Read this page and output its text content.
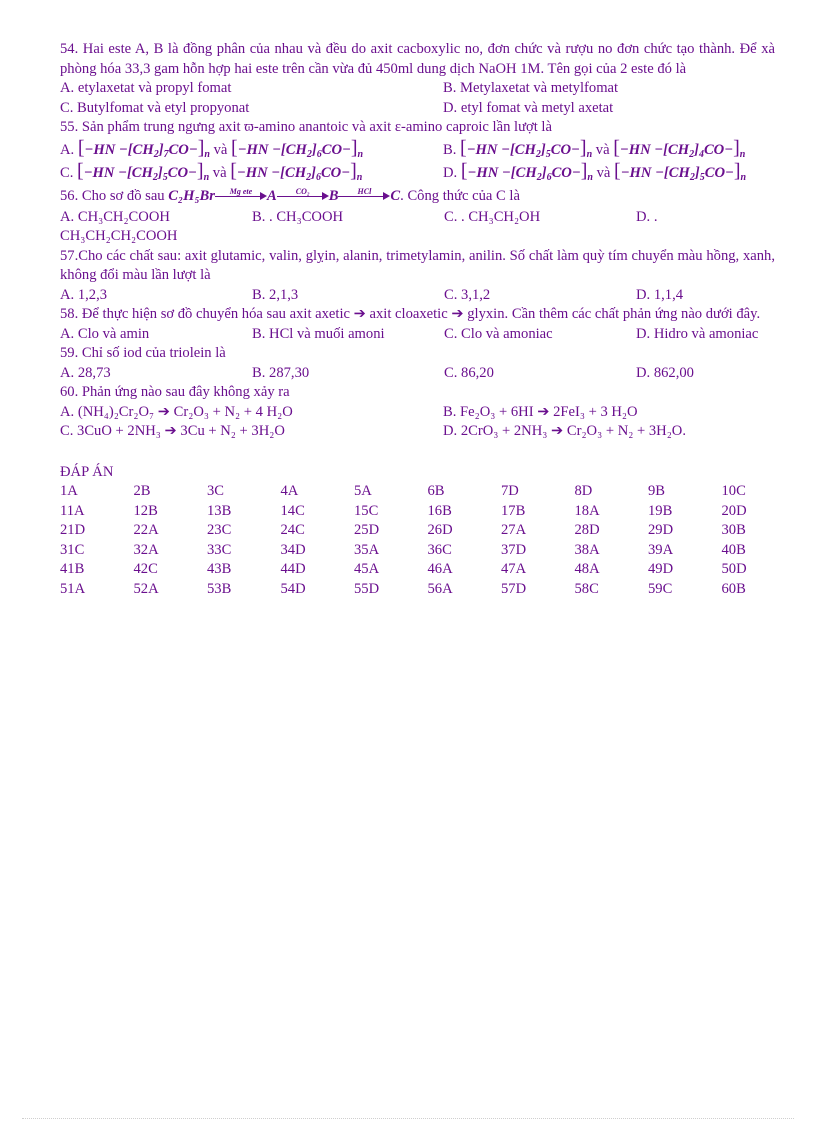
54. Hai este A, B là đồng phân của nhau và đều do axit cacboxylic no, đơn chức và rượu no đơn chức tạo thành. Để xà phòng hóa 33,3 gam hỗn hợp hai este trên cần vừa đủ 450ml dung dịch NaOH 1M. Tên gọi của 2 este đó là
A. etylaxetat và propyl fomat	B. Metylaxetat và metylfomat
C. Butylfomat và etyl propyonat	D. etyl fomat và metyl axetat
55. Sản phẩm trung ngưng axit ϖ-amino anantoic và axit ε-amino caproic lần lượt là
A. $[-HN -[CH_2]_7CO-]_n$ và $[-HN -[CH_2]_6CO-]_n$	B. $[-HN -[CH_2]_5CO-]_n$ và $[-HN -[CH_2]_4CO-]_n$
C. $[-HN -[CH_2]_5CO-]_n$ và $[-HN -[CH_2]_6CO-]_n$	D. $[-HN -[CH_2]_6CO-]_n$ và $[-HN -[CH_2]_5CO-]_n$
56. Cho sơ đồ sau C₂H₅Br	Mg ete	A	CO₂	B	HCl	C. Công thức của C là
A. CH₃CH₂COOH	B. . CH₃COOH	C. . CH₃CH₂OH	D. .
CH₃CH₂CH₂COOH
57.Cho các chất sau: axit glutamic, valin, glỵin, alanin, trimetylamin, anilin. Số chất làm quỳ tím chuyển màu hồng, xanh, không đổi màu lần lượt là
A. 1,2,3	B. 2,1,3	C. 3,1,2	D. 1,1,4
58. Để thực hiện sơ đồ chuyển hóa sau axit axetic ➔ axit cloaxetic ➔ glyxin. Cần thêm các chất phản ứng nào dưới đây.
A. Clo và amin	B. HCl và muối amoni	C. Clo và amoniac	D. Hidro và amoniac
59. Chỉ số iod của triolein là
A. 28,73	B. 287,30	C. 86,20	D. 862,00
60. Phản ứng nào sau đây không xảy ra
A. (NH₄)₂Cr₂O₇ ➔ Cr₂O₃ + N₂ + 4 H₂O	B. Fe₂O₃ + 6HI ➔ 2FeI₃ + 3 H₂O
C. 3CuO + 2NH₃ ➔ 3Cu + N₂ + 3H₂O	D. 2CrO₃ + 2NH₃ ➔ Cr₂O₃ + N₂ + 3H₂O.
ĐÁP ÁN
1A	2B	3C	4A	5A	6B	7D	8D	9B	10C
11A	12B	13B	14C	15C	16B	17B	18A	19B	20D
21D	22A	23C	24C	25D	26D	27A	28D	29D	30B
31C	32A	33C	34D	35A	36C	37D	38A	39A	40B
41B	42C	43B	44D	45A	46A	47A	48A	49D	50D
51A	52A	53B	54D	55D	56A	57D	58C	59C	60B
